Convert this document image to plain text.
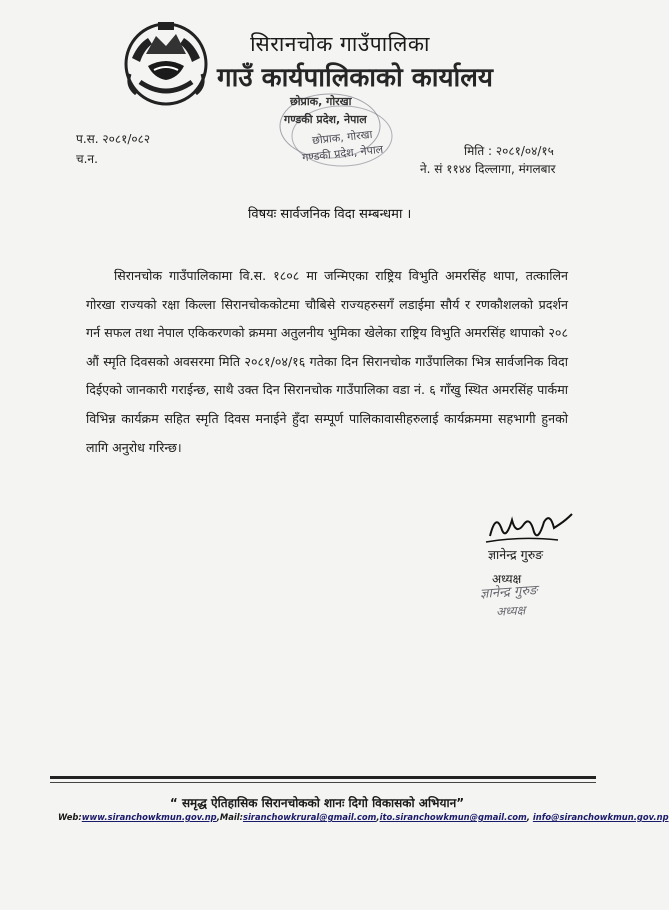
सिरानचोक गाउँपालिका
गाउँ कार्यपालिकाको कार्यालय
छोप्राक, गोरखा
गण्डकी प्रदेश, नेपाल
छोप्राक, गोरखा
गण्डकी प्रदेश, नेपाल
प.स. २०८१/०८२
च.न.
मिति : २०८१/०४/१५
ने. सं ११४४ दिल्लागा, मंगलबार
विषयः सार्वजनिक विदा सम्बन्धमा ।

सिरानचोक गाउँपालिकामा वि.स. १८०८ मा जन्मिएका राष्ट्रिय विभुति अमरसिंह थापा, तत्कालिन गोरखा राज्यको रक्षा किल्ला सिरानचोककोटमा चौबिसे राज्यहरुसगँ लडाईमा सौर्य र रणकौशलको प्रदर्शन गर्न सफल तथा नेपाल एकिकरणको क्रममा अतुलनीय भुमिका खेलेका राष्ट्रिय विभुति अमरसिंह थापाको २०८ औं स्मृति दिवसको अवसरमा मिति २०८१/०४/१६ गतेका दिन सिरानचोक गाउँपालिका भित्र सार्वजनिक विदा दिईएको जानकारी गराईन्छ, साथै उक्त दिन सिरानचोक गाउँपालिका वडा नं. ६ गाँखु स्थित अमरसिंह पार्कमा विभिन्न कार्यक्रम सहित स्मृति दिवस मनाईने हुँदा सम्पूर्ण पालिकावासीहरुलाई कार्यक्रममा सहभागी हुनको लागि अनुरोध गरिन्छ।

ज्ञानेन्द्र गुरुङ
अध्यक्ष
ज्ञानेन्द्र गुरुङ
अध्यक्ष
“ समृद्ध ऐतिहासिक सिरानचोकको शानः दिगो विकासको अभियान”
Web:www.siranchowkmun.gov.np,Mail:siranchowkrural@gmail.com,ito.siranchowkmun@gmail.com, info@siranchowkmun.gov.np
